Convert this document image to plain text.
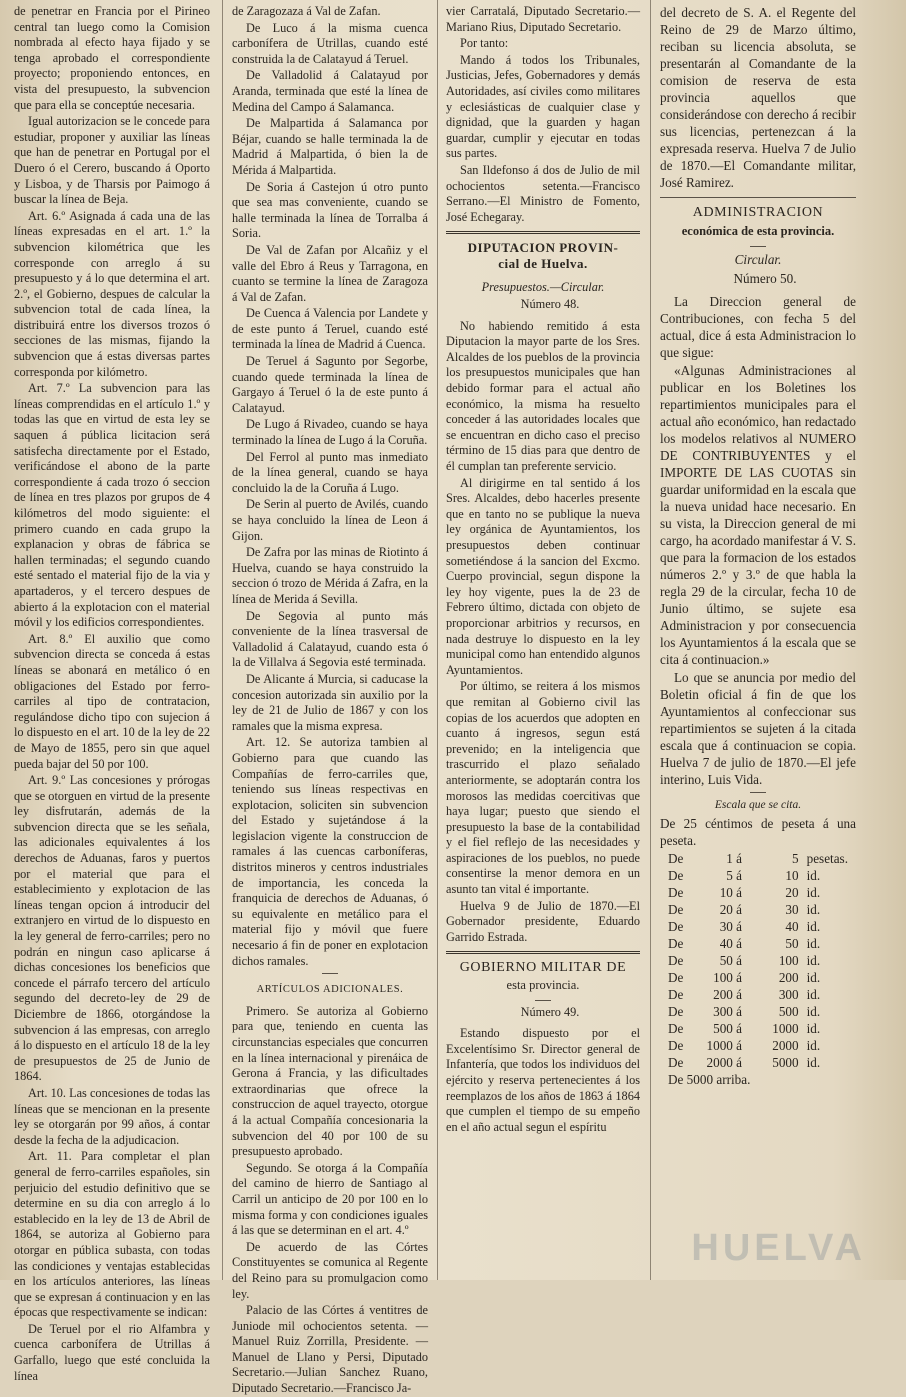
de penetrar en Francia por el Pirineo central tan luego como la Comision nombrada al efecto haya fijado y se tenga aprobado el correspondiente proyecto; proponiendo entonces, en vista del presupuesto, la subvencion que para ella se conceptúe necesaria.

Igual autorizacion se le concede para estudiar, proponer y auxiliar las líneas que han de penetrar en Portugal por el Duero ó el Cerero, buscando á Oporto y Lisboa, y de Tharsis por Paimogo á buscar la línea de Beja.

Art. 6.º Asignada á cada una de las líneas expresadas en el art. 1.º la subvencion kilométrica que les corresponde con arreglo á su presupuesto y á lo que determina el art. 2.º, el Gobierno, despues de calcular la subvencion total de cada línea, la distribuirá entre los diversos trozos ó secciones de las mismas, fijando la subvencion que á estas diversas partes corresponda por kilómetro.

Art. 7.º La subvencion para las líneas comprendidas en el artículo 1.º y todas las que en virtud de esta ley se saquen á pública licitacion será satisfecha directamente por el Estado, verificándose el abono de la parte correspondiente á cada trozo ó seccion de línea en tres plazos por grupos de 4 kilómetros del modo siguiente: el primero cuando en cada grupo la explanacion y obras de fábrica se hallen terminadas; el segundo cuando esté sentado el material fijo de la via y apartaderos, y el tercero despues de abierto á la explotacion con el material móvil y los edificios correspondientes.

Art. 8.º El auxilio que como subvencion directa se conceda á estas líneas se abonará en metálico ó en obligaciones del Estado por ferro-carriles al tipo de contratacion, regulándose dicho tipo con sujecion á lo dispuesto en el art. 10 de la ley de 22 de Mayo de 1855, pero sin que aquel pueda bajar del 50 por 100.

Art. 9.º Las concesiones y prórogas que se otorguen en virtud de la presente ley disfrutarán, además de la subvencion directa que se les señala, las adicionales equivalentes á los derechos de Aduanas, faros y puertos por el material que para el establecimiento y explotacion de las líneas tengan opcion á introducir del extranjero en virtud de lo dispuesto en la ley general de ferro-carriles; pero no podrán en ningun caso aplicarse á dichas concesiones los beneficios que concede el párrafo tercero del artículo segundo del decreto-ley de 29 de Diciembre de 1866, otorgándose la subvencion á las empresas, con arreglo á lo dispuesto en el artículo 18 de la ley de presupuestos de 25 de Junio de 1864.

Art. 10. Las concesiones de todas las líneas que se mencionan en la presente ley se otorgarán por 99 años, á contar desde la fecha de la adjudicacion.

Art. 11. Para completar el plan general de ferro-carriles españoles, sin perjuicio del estudio definitivo que se determine en su dia con arreglo á lo establecido en la ley de 13 de Abril de 1864, se autoriza al Gobierno para otorgar en pública subasta, con todas las condiciones y ventajas establecidas en los artículos anteriores, las líneas que se expresan á continuacion y en las épocas que respectivamente se indican:

De Teruel por el rio Alfambra y cuenca carbonífera de Utrillas á Garfallo, luego que esté concluida la línea

de Zaragozaza á Val de Zafan.

De Luco á la misma cuenca carbonífera de Utrillas, cuando esté construida la de Calatayud á Teruel.

De Valladolid á Calatayud por Aranda, terminada que esté la línea de Medina del Campo á Salamanca.

De Malpartida á Salamanca por Béjar, cuando se halle terminada la de Madrid á Malpartida, ó bien la de Mérida á Malpartida.

De Soria á Castejon ú otro punto que sea mas conveniente, cuando se halle terminada la línea de Torralba á Soria.

De Val de Zafan por Alcañiz y el valle del Ebro á Reus y Tarragona, en cuanto se termine la línea de Zaragoza á Val de Zafan.

De Cuenca á Valencia por Landete y de este punto á Teruel, cuando esté terminada la línea de Madrid á Cuenca.

De Teruel á Sagunto por Segorbe, cuando quede terminada la línea de Gargayo á Teruel ó la de este punto á Calatayud.

De Lugo á Rivadeo, cuando se haya terminado la línea de Lugo á la Coruña.

Del Ferrol al punto mas inmediato de la línea general, cuando se haya concluido la de la Coruña á Lugo.

De Serin al puerto de Avilés, cuando se haya concluido la línea de Leon á Gijon.

De Zafra por las minas de Riotinto á Huelva, cuando se haya construido la seccion ó trozo de Mérida á Zafra, en la línea de Merida á Sevilla.

De Segovia al punto más conveniente de la línea trasversal de Valladolid á Calatayud, cuando esta ó la de Villalva á Segovia esté terminada.

De Alicante á Murcia, si caducase la concesion autorizada sin auxilio por la ley de 21 de Julio de 1867 y con los ramales que la misma expresa.

Art. 12. Se autoriza tambien al Gobierno para que cuando las Compañías de ferro-carriles que, teniendo sus líneas respectivas en explotacion, soliciten sin subvencion del Estado y sujetándose á la legislacion vigente la construccion de ramales á las cuencas carboníferas, distritos mineros y centros industriales de importancia, les conceda la franquicia de derechos de Aduanas, ó su equivalente en metálico para el material fijo y móvil que fuere necesario á fin de poner en explotacion dichos ramales.

ARTÍCULOS ADICIONALES.

Primero. Se autoriza al Gobierno para que, teniendo en cuenta las circunstancias especiales que concurren en la línea internacional y pirenáica de Gerona á Francia, y las dificultades extraordinarias que ofrece la construccion de aquel trayecto, otorgue á la actual Compañía concesionaria la subvencion del 40 por 100 de su presupuesto aprobado.

Segundo. Se otorga á la Compañía del camino de hierro de Santiago al Carril un anticipo de 20 por 100 en lo misma forma y con condiciones iguales á las que se determinan en el art. 4.º

De acuerdo de las Córtes Constituyentes se comunica al Regente del Reino para su promulgacion como ley.

Palacio de las Córtes á ventitres de Juniode mil ochocientos setenta. —Manuel Ruiz Zorrilla, Presidente. —Manuel de Llano y Persi, Diputado Secretario.—Julian Sanchez Ruano, Diputado Secretario.—Francisco Ja-

vier Carratalá, Diputado Secretario.—Mariano Rius, Diputado Secretario.

Por tanto:

Mando á todos los Tribunales, Justicias, Jefes, Gobernadores y demás Autoridades, así civiles como militares y eclesiásticas de cualquier clase y dignidad, que la guarden y hagan guardar, cumplir y ejecutar en todas sus partes.

San Ildefonso á dos de Julio de mil ochocientos setenta.—Francisco Serrano.—El Ministro de Fomento, José Echegaray.

DIPUTACION PROVIN-
cial de Huelva.

Presupuestos.—Circular.

Número 48.

No habiendo remitido á esta Diputacion la mayor parte de los Sres. Alcaldes de los pueblos de la provincia los presupuestos municipales que han debido formar para el actual año económico, la misma ha resuelto conceder á las autoridades locales que se encuentran en dicho caso el preciso término de 15 dias para que dentro de él cumplan tan preferente servicio.

Al dirigirme en tal sentido á los Sres. Alcaldes, debo hacerles presente que en tanto no se publique la nueva ley orgánica de Ayuntamientos, los presupuestos deben continuar sometiéndose á la sancion del Excmo. Cuerpo provincial, segun dispone la ley hoy vigente, pues la de 23 de Febrero último, dictada con objeto de proporcionar arbitrios y recursos, en nada destruye lo dispuesto en la ley municipal como han entendido algunos Ayuntamientos.

Por último, se reitera á los mismos que remitan al Gobierno civil las copias de los acuerdos que adopten en cuanto á ingresos, segun está prevenido; en la inteligencia que trascurrido el plazo señalado anteriormente, se adoptarán contra los morosos las medidas coercitivas que haya lugar; puesto que siendo el presupuesto la base de la contabilidad y el fiel reflejo de las necesidades y aspiraciones de los pueblos, no puede consentirse la menor demora en un asunto tan vital é importante.

Huelva 9 de Julio de 1870.—El Gobernador presidente, Eduardo Garrido Estrada.

GOBIERNO MILITAR DE
esta provincia.

Número 49.

Estando dispuesto por el Excelentísimo Sr. Director general de Infantería, que todos los individuos del ejército y reserva pertenecientes á los reemplazos de los años de 1863 á 1864 que cumplen el tiempo de su empeño en el año actual segun el espíritu

del decreto de S. A. el Regente del Reino de 29 de Marzo último, reciban su licencia absoluta, se presentarán al Comandante de la comision de reserva de esta provincia aquellos que considerándose con derecho á recibir sus licencias, pertenezcan á la expresada reserva. Huelva 7 de Julio de 1870.—El Comandante militar, José Ramirez.

ADMINISTRACION
económica de esta provincia.

Circular.

Número 50.

La Direccion general de Contribuciones, con fecha 5 del actual, dice á esta Administracion lo que sigue:

«Algunas Administraciones al publicar en los Boletines los repartimientos municipales para el actual año económico, han redactado los modelos relativos al NUMERO DE CONTRIBUYENTES y el IMPORTE DE LAS CUOTAS sin guardar uniformidad en la escala que la nueva unidad hace necesario. En su vista, la Direccion general de mi cargo, ha acordado manifestar á V. S. que para la formacion de los estados números 2.º y 3.º de que habla la regla 29 de la circular, fecha 10 de Junio último, se sujete esa Administracion y por consecuencia los Ayuntamientos á la escala que se cita á continuacion.»

Lo que se anuncia por medio del Boletin oficial á fin de que los Ayuntamientos al confeccionar sus repartimientos se sujeten á la citada escala que á continuacion se copia. Huelva 7 de julio de 1870.—El jefe interino, Luis Vida.

Escala que se cita.

De 25 céntimos de peseta á una peseta.

De	1 á	5	pesetas.
De	5 á	10	id.
De	10 á	20	id.
De	20 á	30	id.
De	30 á	40	id.
De	40 á	50	id.
De	50 á	100	id.
De	100 á	200	id.
De	200 á	300	id.
De	300 á	500	id.
De	500 á	1000	id.
De	1000 á	2000	id.
De	2000 á	5000	id.

De 5000 arriba.

HUELVA
